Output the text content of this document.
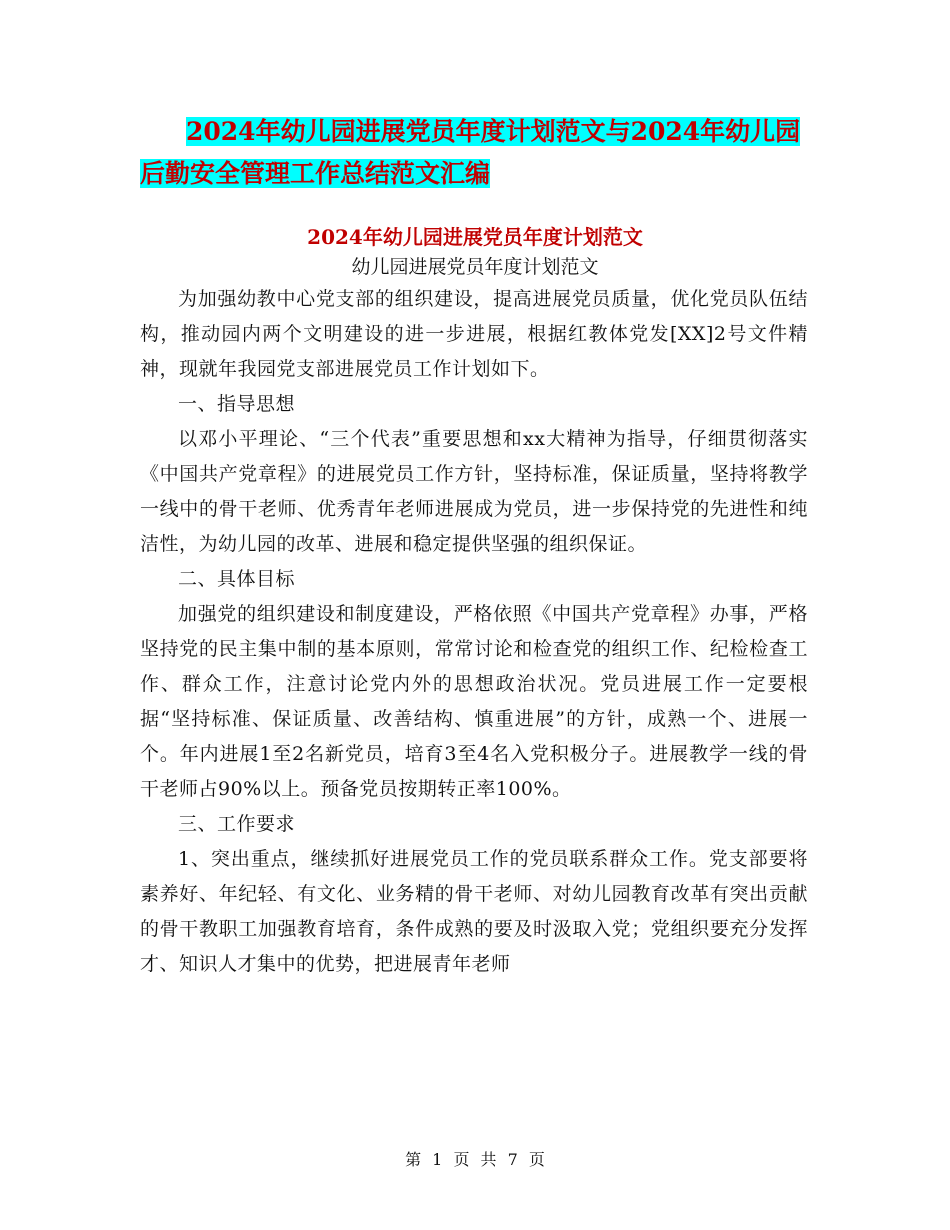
2024年幼儿园进展党员年度计划范文与2024年幼儿园
后勤安全管理工作总结范文汇编
2024年幼儿园进展党员年度计划范文
幼儿园进展党员年度计划范文

为加强幼教中心党支部的组织建设，提高进展党员质量，优化党员队伍结构，推动园内两个文明建设的进一步进展，根据红教体党发[XX]2号文件精神，现就年我园党支部进展党员工作计划如下。

一、指导思想

以邓小平理论、“三个代表”重要思想和xx大精神为指导，仔细贯彻落实《中国共产党章程》的进展党员工作方针，坚持标准，保证质量，坚持将教学一线中的骨干老师、优秀青年老师进展成为党员，进一步保持党的先进性和纯洁性，为幼儿园的改革、进展和稳定提供坚强的组织保证。

二、具体目标

加强党的组织建设和制度建设，严格依照《中国共产党章程》办事，严格坚持党的民主集中制的基本原则，常常讨论和检查党的组织工作、纪检检查工作、群众工作，注意讨论党内外的思想政治状况。党员进展工作一定要根据“坚持标准、保证质量、改善结构、慎重进展”的方针，成熟一个、进展一个。年内进展1至2名新党员，培育3至4名入党积极分子。进展教学一线的骨干老师占90%以上。预备党员按期转正率100%。

三、工作要求

1、突出重点，继续抓好进展党员工作的党员联系群众工作。党支部要将素养好、年纪轻、有文化、业务精的骨干老师、对幼儿园教育改革有突出贡献的骨干教职工加强教育培育，条件成熟的要及时汲取入党；党组织要充分发挥才、知识人才集中的优势，把进展青年老师

第 1 页 共 7 页
